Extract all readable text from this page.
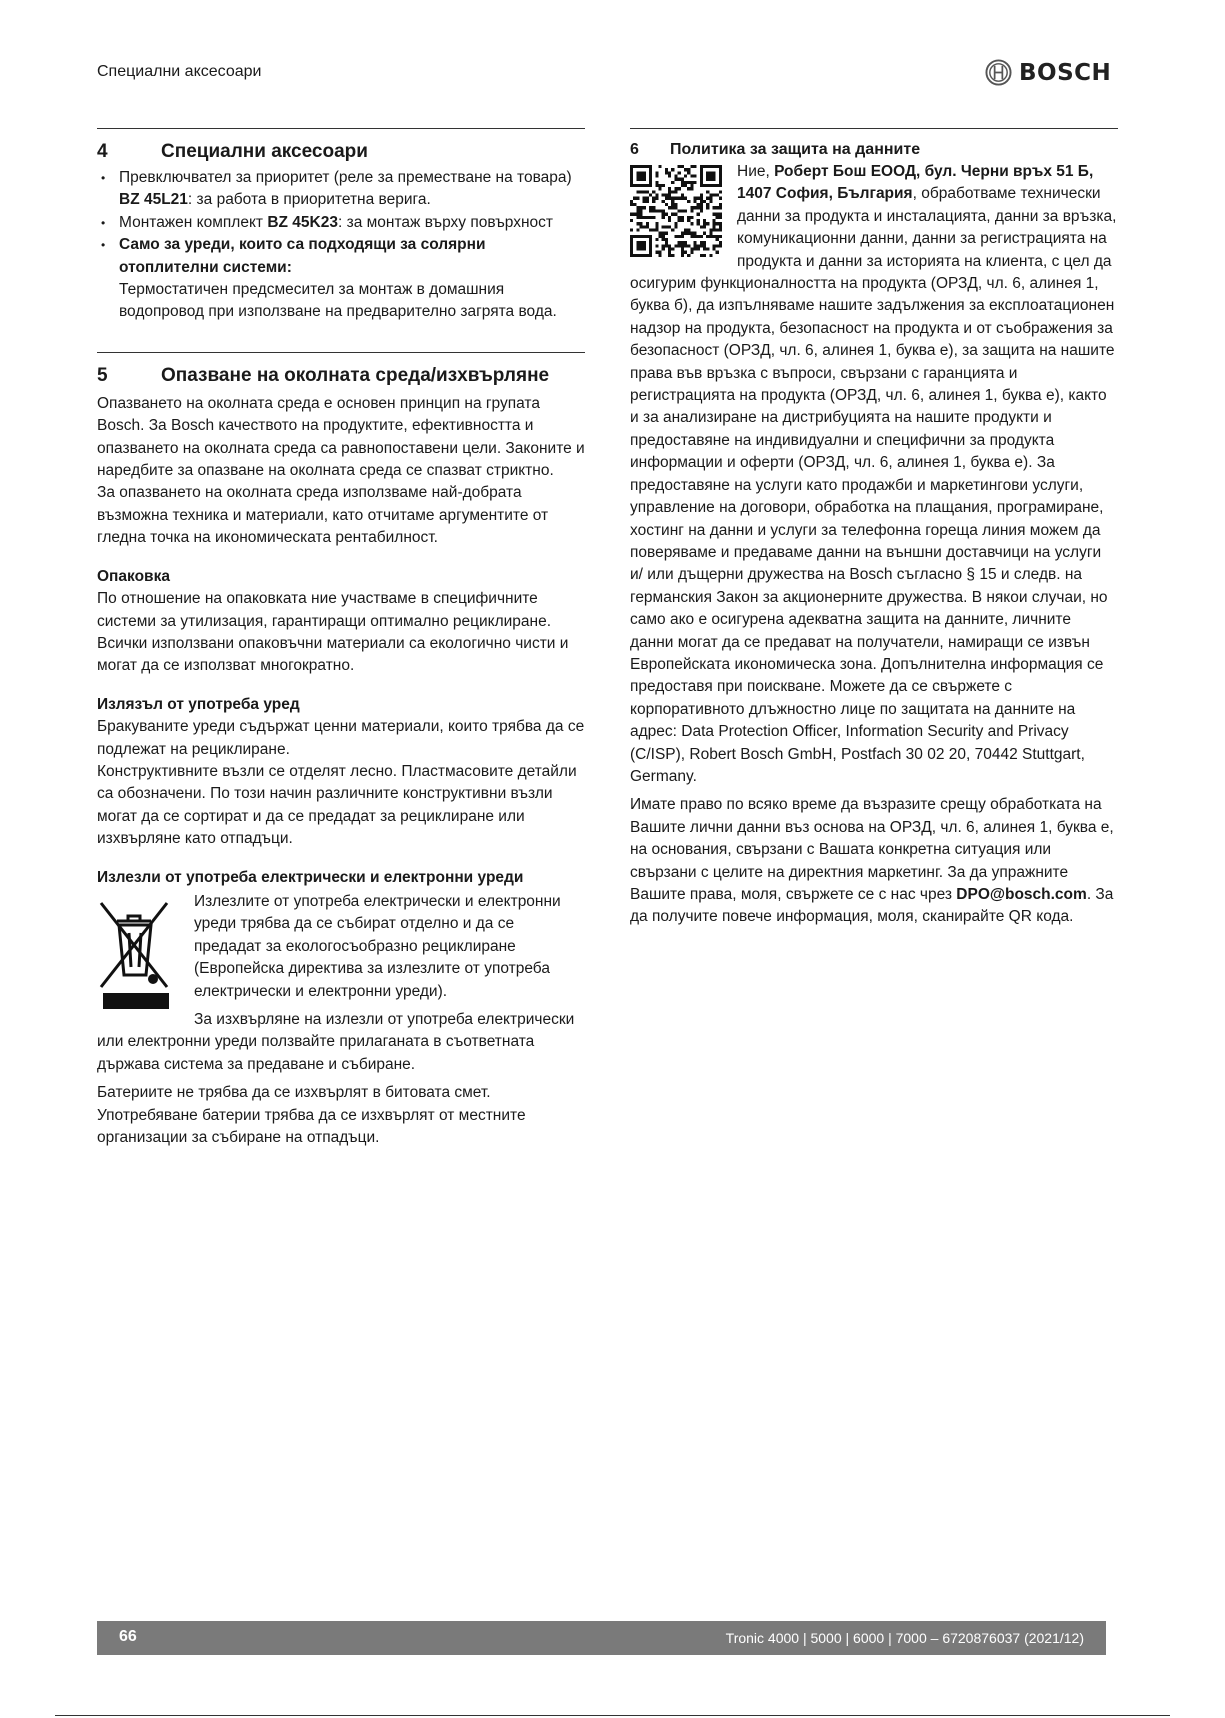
Специални аксесоари	BOSCH
4	Специални аксесоари
• Превключвател за приоритет (реле за преместване на товара) BZ 45L21: за работа в приоритетна верига.
• Монтажен комплект BZ 45K23: за монтаж върху повърхност
• Само за уреди, които са подходящи за солярни отоплителни системи:

Термостатичен предсмесител за монтаж в домашния водопровод при използване на предварително загрята вода.

5	Опазване на околната среда/изхвърляне

Опазването на околната среда е основен принцип на групата Bosch. За Bosch качеството на продуктите, ефективността и опазването на околната среда са равнопоставени цели. Законите и наредбите за опазване на околната среда се спазват стриктно.

За опазването на околната среда използваме най-добрата възможна техника и материали, като отчитаме аргументите от гледна точка на икономическата рентабилност.

Опаковка

По отношение на опаковката ние участваме в специфичните системи за утилизация, гарантиращи оптимално рециклиране. Всички използвани опаковъчни материали са екологично чисти и могат да се използват многократно.

Излязъл от употреба уред

Бракуваните уреди съдържат ценни материали, които трябва да се подлежат на рециклиране.

Конструктивните възли се отделят лесно. Пластмасовите детайли са обозначени. По този начин различните конструктивни възли могат да се сортират и да се предадат за рециклиране или изхвърляне като отпадъци.

Излезли от употреба електрически и електронни уреди

Излезлите от употреба електрически и електронни уреди трябва да се събират отделно и да се предадат за екологосъобразно рециклиране (Европейска директива за излезлите от употреба електрически и електронни уреди).

За изхвърляне на излезли от употреба електрически или електронни уреди ползвайте прилаганата в съответната държава система за предаване и събиране.

Батериите не трябва да се изхвърлят в битовата смет. Употребяване батерии трябва да се изхвърлят от местните организации за събиране на отпадъци.

6	Политика за защита на данните

Ние, Роберт Бош ЕООД, бул. Черни връх 51 Б, 1407 София, България, обработваме технически данни за продукта и инсталацията, данни за връзка, комуникационни данни, данни за регистрацията на продукта и данни за историята на клиента, с цел да осигурим функционалността на продукта (ОРЗД, чл. 6, алинея 1, буква б), да изпълняваме нашите задължения за експлоатационен надзор на продукта, безопасност на продукта и от съображения за безопасност (ОРЗД, чл. 6, алинея 1, буква е), за защита на нашите права във връзка с въпроси, свързани с гаранцията и регистрацията на продукта (ОРЗД, чл. 6, алинея 1, буква е), както и за анализиране на дистрибуцията на нашите продукти и предоставяне на индивидуални и специфични за продукта информации и оферти (ОРЗД, чл. 6, алинея 1, буква е). За предоставяне на услуги като продажби и маркетингови услуги, управление на договори, обработка на плащания, програмиране, хостинг на данни и услуги за телефонна гореща линия можем да поверяваме и предаваме данни на външни доставчици на услуги и/ или дъщерни дружества на Bosch съгласно § 15 и следв. на германския Закон за акционерните дружества. В някои случаи, но само ако е осигурена адекватна защита на данните, личните данни могат да се предават на получатели, намиращи се извън Европейската икономическа зона. Допълнителна информация се предоставя при поискване. Можете да се свържете с корпоративното длъжностно лице по защитата на данните на адрес: Data Protection Officer, Information Security and Privacy (C/ISP), Robert Bosch GmbH, Postfach 30 02 20, 70442 Stuttgart, Germany.

Имате право по всяко време да възразите срещу обработката на Вашите лични данни въз основа на ОРЗД, чл. 6, алинея 1, буква е, на основания, свързани с Вашата конкретна ситуация или свързани с целите на директния маркетинг. За да упражните Вашите права, моля, свържете се с нас чрез DPO@bosch.com. За да получите повече информация, моля, сканирайте QR кода.

66	Tronic 4000 | 5000 | 6000 | 7000 – 6720876037 (2021/12)
